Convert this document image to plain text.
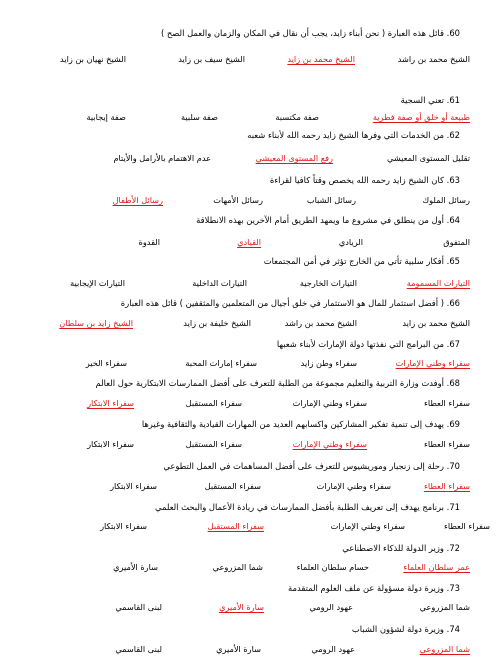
60. قائل هذه العبارة ( نحن أبناء زايد، يجب أن نقال في المكان والزمان والعمل الصح )
الشيخ محمد بن راشد
الشيخ محمد بن زايد
الشيخ سيف بن زايد
الشيخ نهيان بن زايد
61. تعني السجية
طبيعة أو خلق أو صفة فطرية
صفة مكتسبة
صفة سلبية
صفة إيجابية
62. من الخدمات التي وفرها الشيخ زايد رحمه الله لأبناء شعبه
تقليل المستوى المعيشي
رفع المستوى المعيشي
عدم الاهتمام بالأرامل والأيتام
63. كان الشيخ زايد رحمه الله يخصص وقتاً كافيا لقراءة
رسائل الملوك
رسائل الشباب
رسائل الأمهات
رسائل الأطفال
64. أول من ينطلق في مشروع ما ويمهد الطريق أمام الآخرين بهذه الانطلاقة
المتفوق
الريادي
القيادي
القدوة
65. أفكار سلبية تأتي من الخارج تؤثر في أمن المجتمعات
التيارات المسمومة
التيارات الخارجية
التيارات الداخلية
التيارات الإيجابية
66. ( أفضل استثمار للمال هو الاستثمار في خلق أجيال من المتعلمين والمثقفين ) قائل هذه العبارة
الشيخ محمد بن زايد
الشيخ محمد بن راشد
الشيخ خليفة بن زايد
الشيخ زايد بن سلطان
67. من البرامج التي نفذتها دولة الإمارات لأبناء شعبها
سفراء وطني الإمارات
سفراء وطن زايد
سفراء إمارات المحبة
سفراء الخير
68. أوفدت وزارة التربية والتعليم مجموعة من الطلبة للتعرف على أفضل الممارسات الابتكارية حول العالم
سفراء العطاء
سفراء وطني الإمارات
سفراء المستقبل
سفراء الابتكار
69. يهدف إلى تنمية تفكير المشاركين واكسابهم العديد من المهارات القيادية والثقافية وغيرها
سفراء العطاء
سفراء وطني الإمارات
سفراء المستقبل
سفراء الابتكار
70. رحلة إلى زنجبار وموريشيوس للتعرف على أفضل المساهمات في العمل التطوعي
سفراء العطاء
سفراء وطني الإمارات
سفراء المستقبل
سفراء الابتكار
71. برنامج يهدف إلى تعريف الطلبة بأفضل الممارسات في ريادة الأعمال والبحث العلمي
سفراء العطاء
سفراء وطني الإمارات
سفراء المستقبل
سفراء الابتكار
72. وزير الدولة للذكاء الاصطناعي
عمر سلطان العلماء
حسام سلطان العلماء
شما المزروعي
سارة الأميري
73. وزيرة دولة مسؤولة عن ملف العلوم المتقدمة
شما المزروعي
عهود الرومي
سارة الأميري
لبنى القاسمي
74. وزيرة دولة لشؤون الشباب
شما المزروعي
عهود الرومي
سارة الأميري
لبنى القاسمي
